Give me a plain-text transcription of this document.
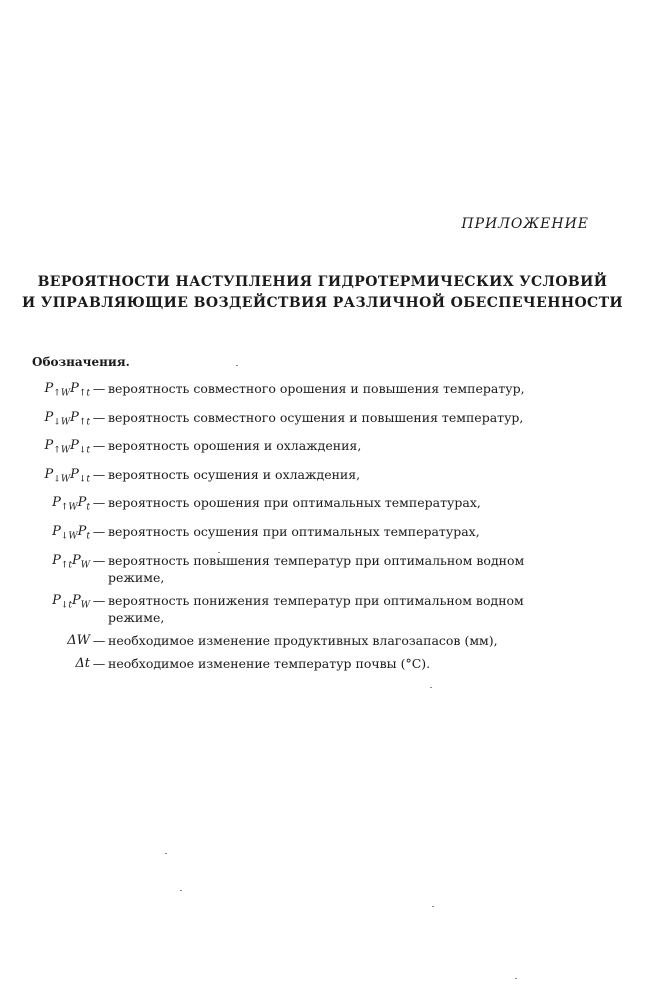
ПРИЛОЖЕНИЕ

ВЕРОЯТНОСТИ НАСТУПЛЕНИЯ ГИДРОТЕРМИЧЕСКИХ УСЛОВИЙ
И УПРАВЛЯЮЩИЕ ВОЗДЕЙСТВИЯ РАЗЛИЧНОЙ ОБЕСПЕЧЕННОСТИ

Обозначения.

$P_{↑W}P_{↑t}$ — вероятность совместного орошения и повышения температур,
$P_{↓W}P_{↑t}$ — вероятность совместного осушения и повышения температур,
$P_{↑W}P_{↓t}$ — вероятность орошения и охлаждения,
$P_{↓W}P_{↓t}$ — вероятность осушения и охлаждения,
$P_{↑W}P_t$ — вероятность орошения при оптимальных температурах,
$P_{↓W}P_t$ — вероятность осушения при оптимальных температурах,
$P_{↑t}P_W$ — вероятность повышения температур при оптимальном водном режиме,
$P_{↓t}P_W$ — вероятность понижения температур при оптимальном водном режиме,
ΔW — необходимое изменение продуктивных влагозапасов (мм),
Δt — необходимое изменение температур почвы (°С).
